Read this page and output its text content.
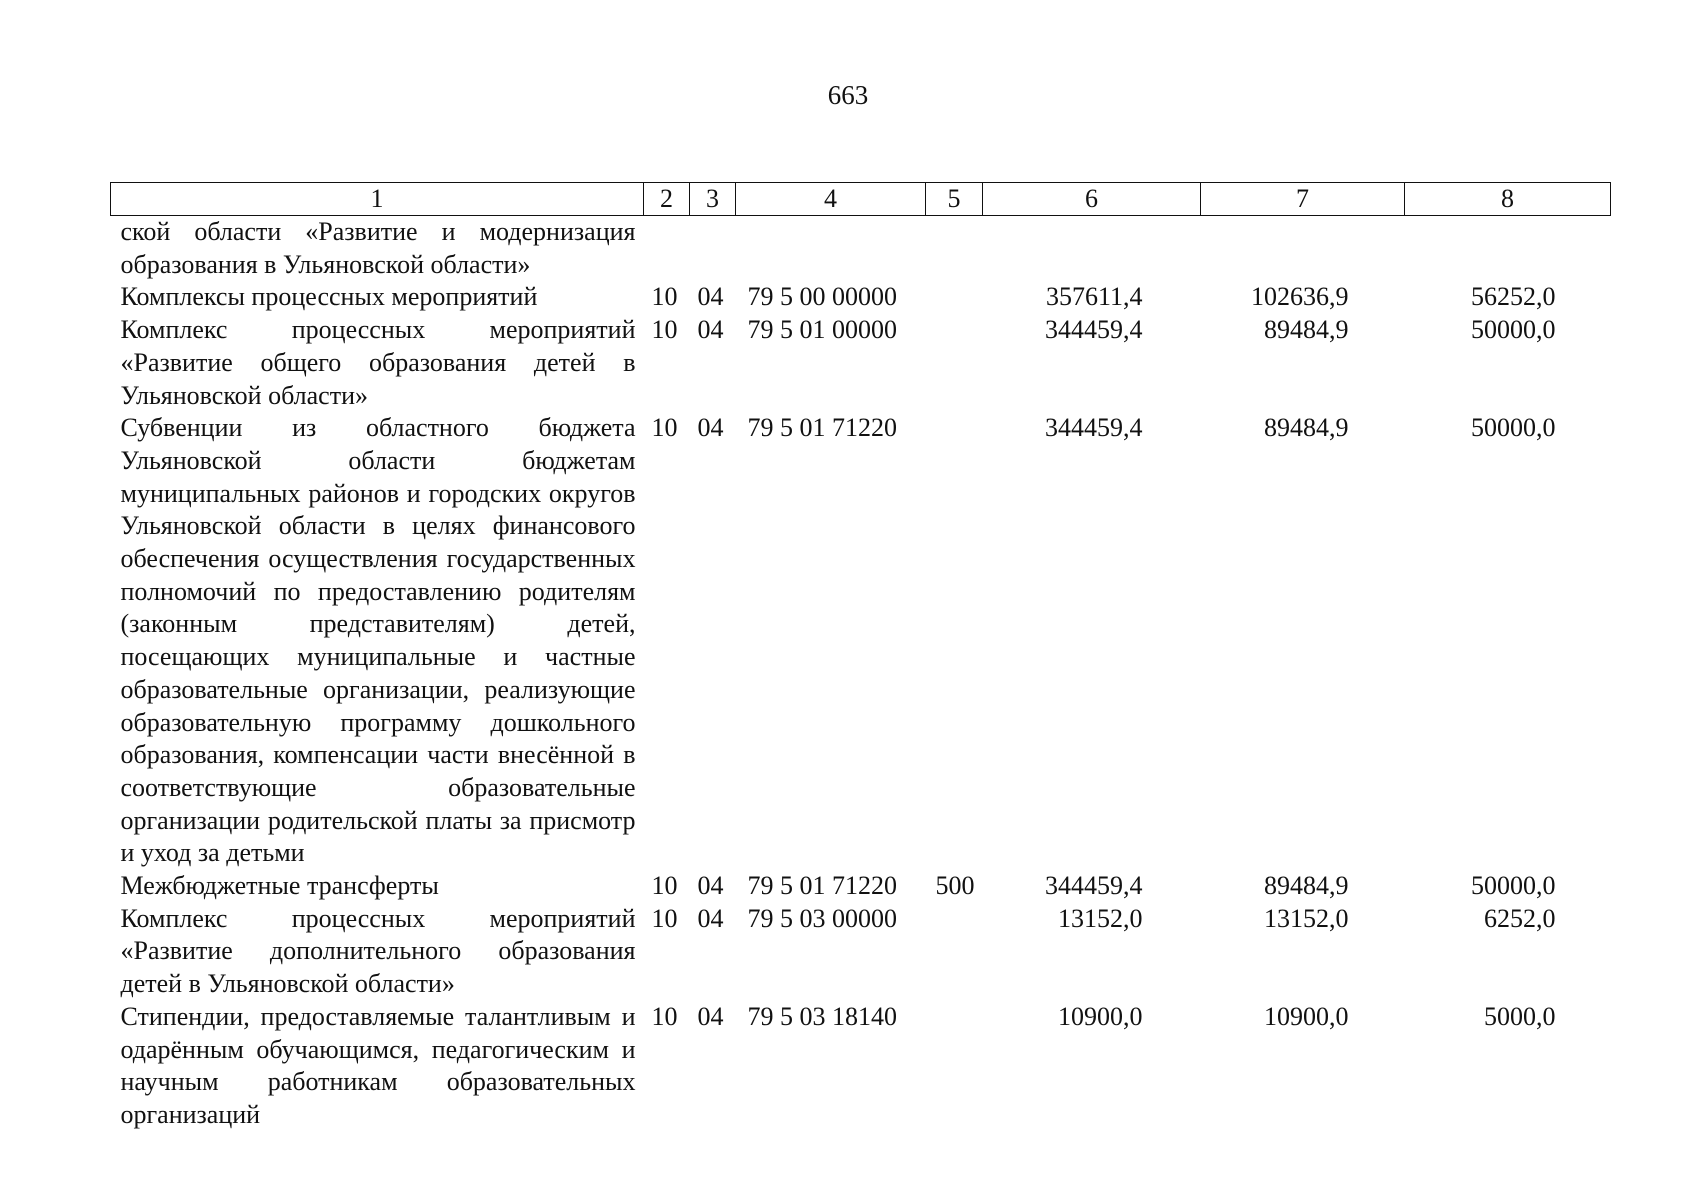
663
1	2	3	4	5	6	7	8
ской области «Развитие и модернизация образования в Ульяновской области»							
Комплексы процессных мероприятий	10	04	79 5 00 00000		357611,4	102636,9	56252,0
Комплекс процессных мероприятий «Развитие общего образования детей в Ульяновской области»	10	04	79 5 01 00000		344459,4	89484,9	50000,0
Субвенции из областного бюджета Ульяновской области бюджетам муниципальных районов и городских округов Ульяновской области в целях финансового обеспечения осуществления государственных полномочий по предоставлению родителям (законным представителям) детей, посещающих муниципальные и частные образовательные организации, реализующие образовательную программу дошкольного образования, компенсации части внесённой в соответствующие образовательные организации родительской платы за присмотр и уход за детьми	10	04	79 5 01 71220		344459,4	89484,9	50000,0
Межбюджетные трансферты	10	04	79 5 01 71220	500	344459,4	89484,9	50000,0
Комплекс процессных мероприятий «Развитие дополнительного образования детей в Ульяновской области»	10	04	79 5 03 00000		13152,0	13152,0	6252,0
Стипендии, предоставляемые талантливым и одарённым обучающимся, педагогическим и научным работникам образовательных организаций	10	04	79 5 03 18140		10900,0	10900,0	5000,0
